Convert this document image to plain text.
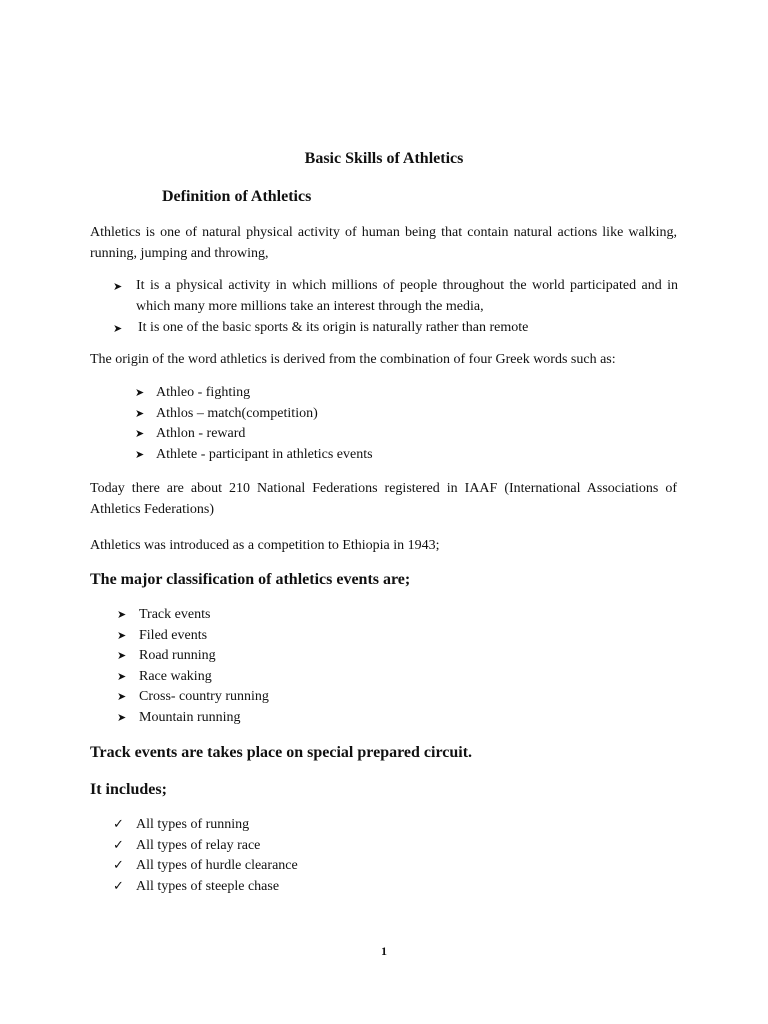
Basic Skills of Athletics
Definition of Athletics

Athletics is one of natural physical activity of human being that contain natural actions like walking, running, jumping and throwing,

➤ It is a physical activity in which millions of people throughout the world participated and in which many more millions take an interest through the media,
➤ It is one of the basic sports & its origin is naturally rather than remote

The origin of the word athletics is derived from the combination of four Greek words such as:

➤ Athleo - fighting
➤ Athlos – match(competition)
➤ Athlon - reward
➤ Athlete - participant in athletics events

Today there are about 210 National Federations registered in IAAF (International Associations of Athletics Federations)

Athletics was introduced as a competition to Ethiopia in 1943;

The major classification of athletics events are;
➤ Track events
➤ Filed events
➤ Road running
➤ Race waking
➤ Cross- country running
➤ Mountain running
Track events are takes place on special prepared circuit.
It includes;
✓ All types of running
✓ All types of relay race
✓ All types of hurdle clearance
✓ All types of steeple chase
1
